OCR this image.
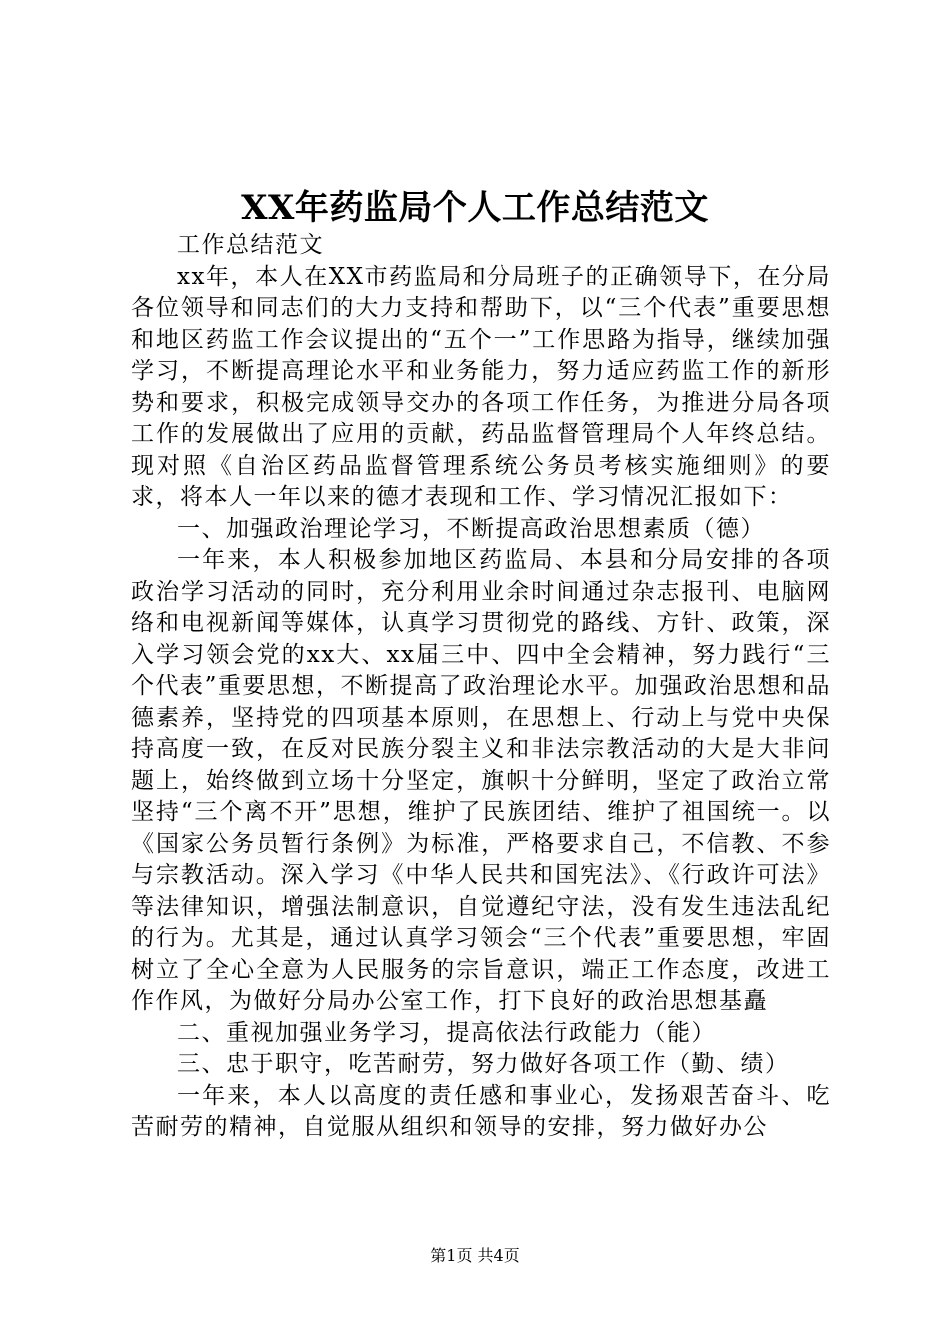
XX年药监局个人工作总结范文

工作总结范文

xx年，本人在XX市药监局和分局班子的正确领导下，在分局各位领导和同志们的大力支持和帮助下，以“三个代表”重要思想和地区药监工作会议提出的“五个一”工作思路为指导，继续加强学习，不断提高理论水平和业务能力，努力适应药监工作的新形势和要求，积极完成领导交办的各项工作任务，为推进分局各项工作的发展做出了应用的贡献，药品监督管理局个人年终总结。现对照《自治区药品监督管理系统公务员考核实施细则》的要求，将本人一年以来的德才表现和工作、学习情况汇报如下：

一、加强政治理论学习，不断提高政治思想素质（德）

一年来，本人积极参加地区药监局、本县和分局安排的各项政治学习活动的同时，充分利用业余时间通过杂志报刊、电脑网络和电视新闻等媒体，认真学习贯彻党的路线、方针、政策，深入学习领会党的xx大、xx届三中、四中全会精神，努力践行“三个代表”重要思想，不断提高了政治理论水平。加强政治思想和品德素养，坚持党的四项基本原则，在思想上、行动上与党中央保持高度一致，在反对民族分裂主义和非法宗教活动的大是大非问题上，始终做到立场十分坚定，旗帜十分鲜明，坚定了政治立常坚持“三个离不开”思想，维护了民族团结、维护了祖国统一。以《国家公务员暂行条例》为标准，严格要求自己，不信教、不参与宗教活动。深入学习《中华人民共和国宪法》、《行政许可法》等法律知识，增强法制意识，自觉遵纪守法，没有发生违法乱纪的行为。尤其是，通过认真学习领会“三个代表”重要思想，牢固树立了全心全意为人民服务的宗旨意识，端正工作态度，改进工作作风，为做好分局办公室工作，打下良好的政治思想基矗

二、重视加强业务学习，提高依法行政能力（能）

三、忠于职守，吃苦耐劳，努力做好各项工作（勤、绩）

一年来，本人以高度的责任感和事业心，发扬艰苦奋斗、吃苦耐劳的精神，自觉服从组织和领导的安排，努力做好办公

第1页 共4页
